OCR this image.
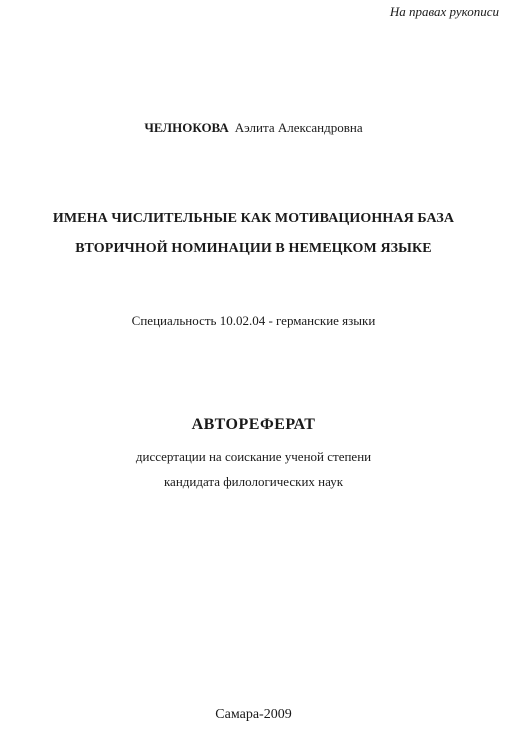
На правах рукописи
ЧЕЛНОКОВА Аэлита Александровна
ИМЕНА ЧИСЛИТЕЛЬНЫЕ КАК МОТИВАЦИОННАЯ БАЗА
ВТОРИЧНОЙ НОМИНАЦИИ В НЕМЕЦКОМ ЯЗЫКЕ
Специальность 10.02.04 - германские языки
АВТОРЕФЕРАТ
диссертации на соискание ученой степени
кандидата филологических наук
Самара-2009
